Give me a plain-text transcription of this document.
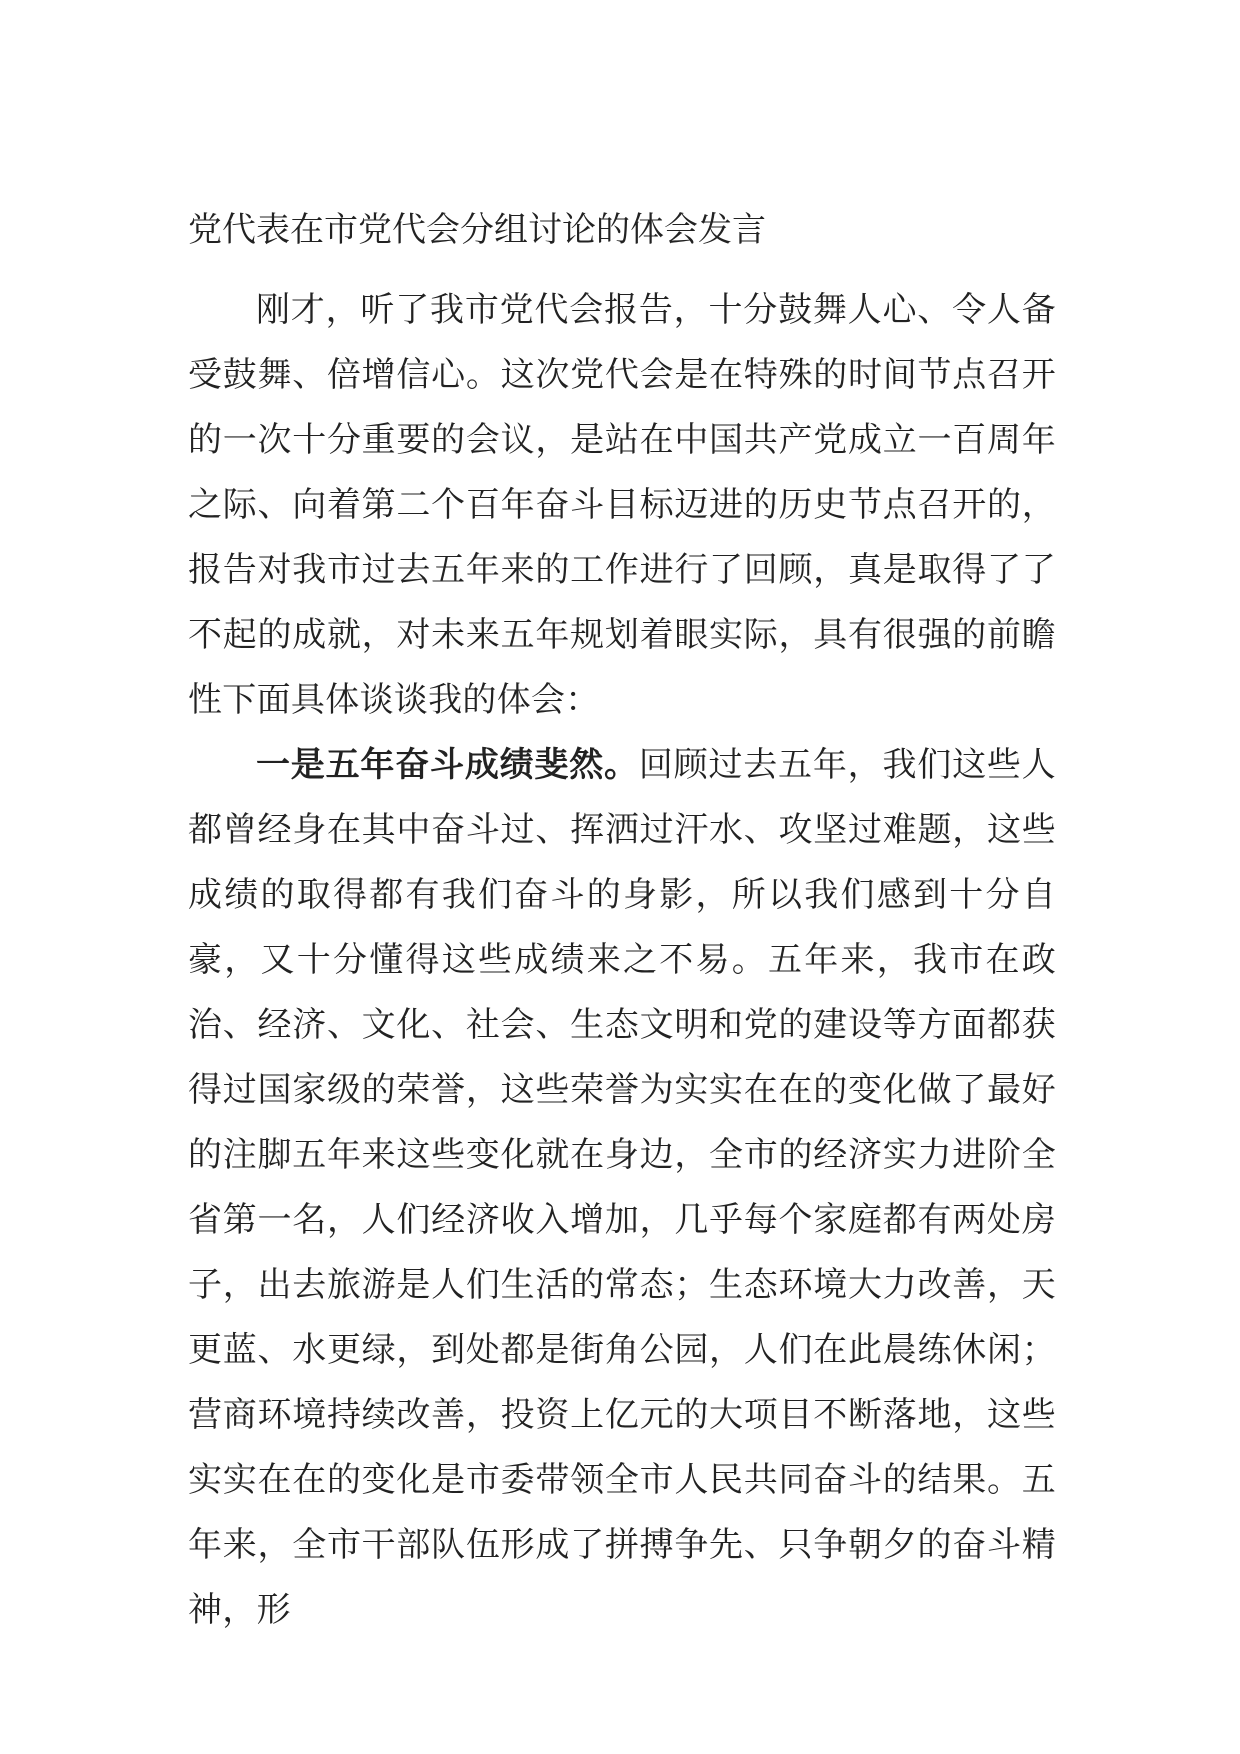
党代表在市党代会分组讨论的体会发言

刚才，听了我市党代会报告，十分鼓舞人心、令人备受鼓舞、倍增信心。这次党代会是在特殊的时间节点召开的一次十分重要的会议，是站在中国共产党成立一百周年之际、向着第二个百年奋斗目标迈进的历史节点召开的，报告对我市过去五年来的工作进行了回顾，真是取得了了不起的成就，对未来五年规划着眼实际，具有很强的前瞻性下面具体谈谈我的体会：

一是五年奋斗成绩斐然。回顾过去五年，我们这些人都曾经身在其中奋斗过、挥洒过汗水、攻坚过难题，这些成绩的取得都有我们奋斗的身影，所以我们感到十分自豪，又十分懂得这些成绩来之不易。五年来，我市在政治、经济、文化、社会、生态文明和党的建设等方面都获得过国家级的荣誉，这些荣誉为实实在在的变化做了最好的注脚五年来这些变化就在身边，全市的经济实力进阶全省第一名，人们经济收入增加，几乎每个家庭都有两处房子，出去旅游是人们生活的常态；生态环境大力改善，天更蓝、水更绿，到处都是街角公园，人们在此晨练休闲；营商环境持续改善，投资上亿元的大项目不断落地，这些实实在在的变化是市委带领全市人民共同奋斗的结果。五年来，全市干部队伍形成了拼搏争先、只争朝夕的奋斗精神，形
